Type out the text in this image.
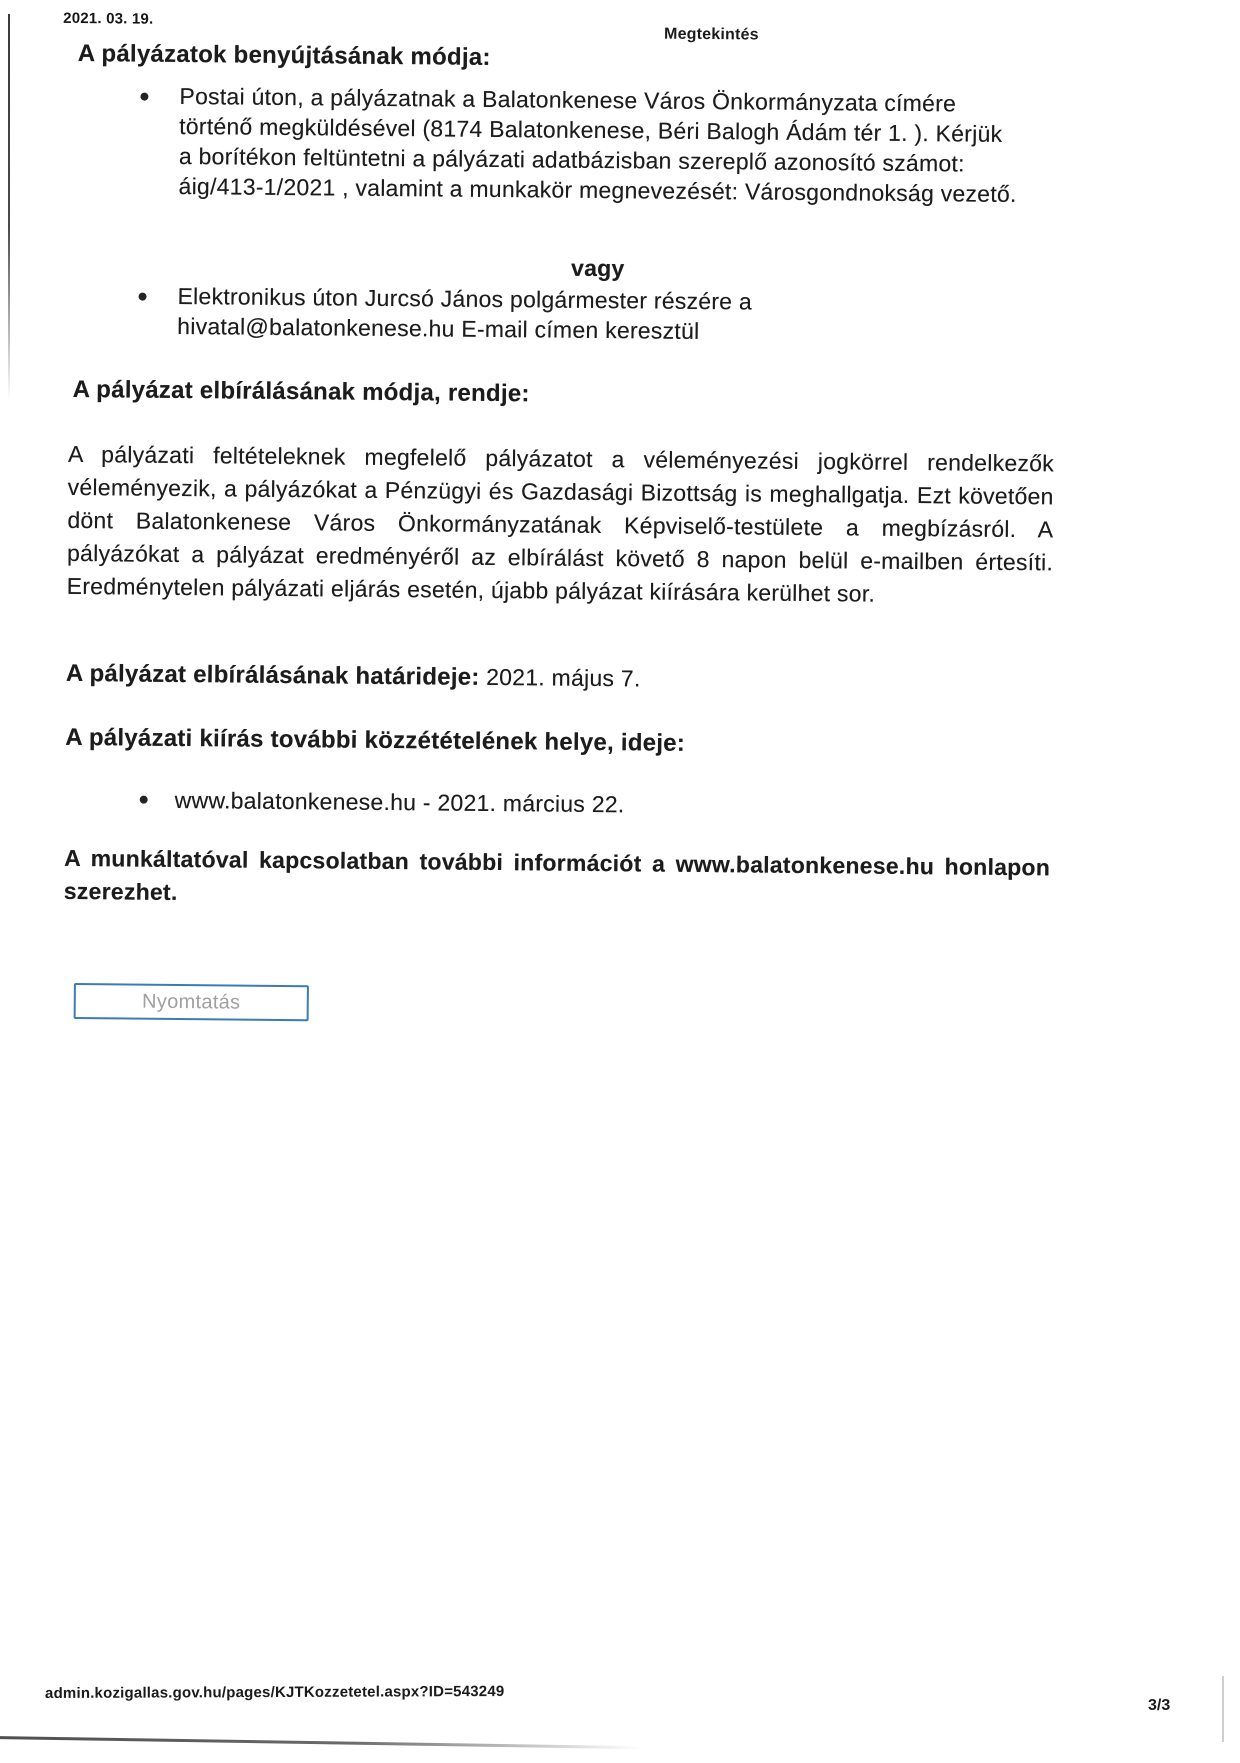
2021. 03. 19.
Megtekintés
A pályázatok benyújtásának módja:
Postai úton, a pályázatnak a Balatonkenese Város Önkormányzata címére történő megküldésével (8174 Balatonkenese, Béri Balogh Ádám tér 1. ). Kérjük a borítékon feltüntetni a pályázati adatbázisban szereplő azonosító számot: áig/413-1/2021 , valamint a munkakör megnevezését: Városgondnokság vezető.
vagy
Elektronikus úton Jurcsó János polgármester részére a hivatal@balatonkenese.hu E-mail címen keresztül
A pályázat elbírálásának módja, rendje:
A pályázati feltételeknek megfelelő pályázatot a véleményezési jogkörrel rendelkezők véleményezik, a pályázókat a Pénzügyi és Gazdasági Bizottság is meghallgatja. Ezt követően dönt Balatonkenese Város Önkormányzatának Képviselő-testülete a megbízásról. A pályázókat a pályázat eredményéről az elbírálást követő 8 napon belül e-mailben értesíti. Eredménytelen pályázati eljárás esetén, újabb pályázat kiírására kerülhet sor.
A pályázat elbírálásának határideje: 2021. május 7.
A pályázati kiírás további közzétételének helye, ideje:
www.balatonkenese.hu - 2021. március 22.
A munkáltatóval kapcsolatban további információt a www.balatonkenese.hu honlapon szerezhet.
Nyomtatás
admin.kozigallas.gov.hu/pages/KJTKozzetetel.aspx?ID=543249
3/3
